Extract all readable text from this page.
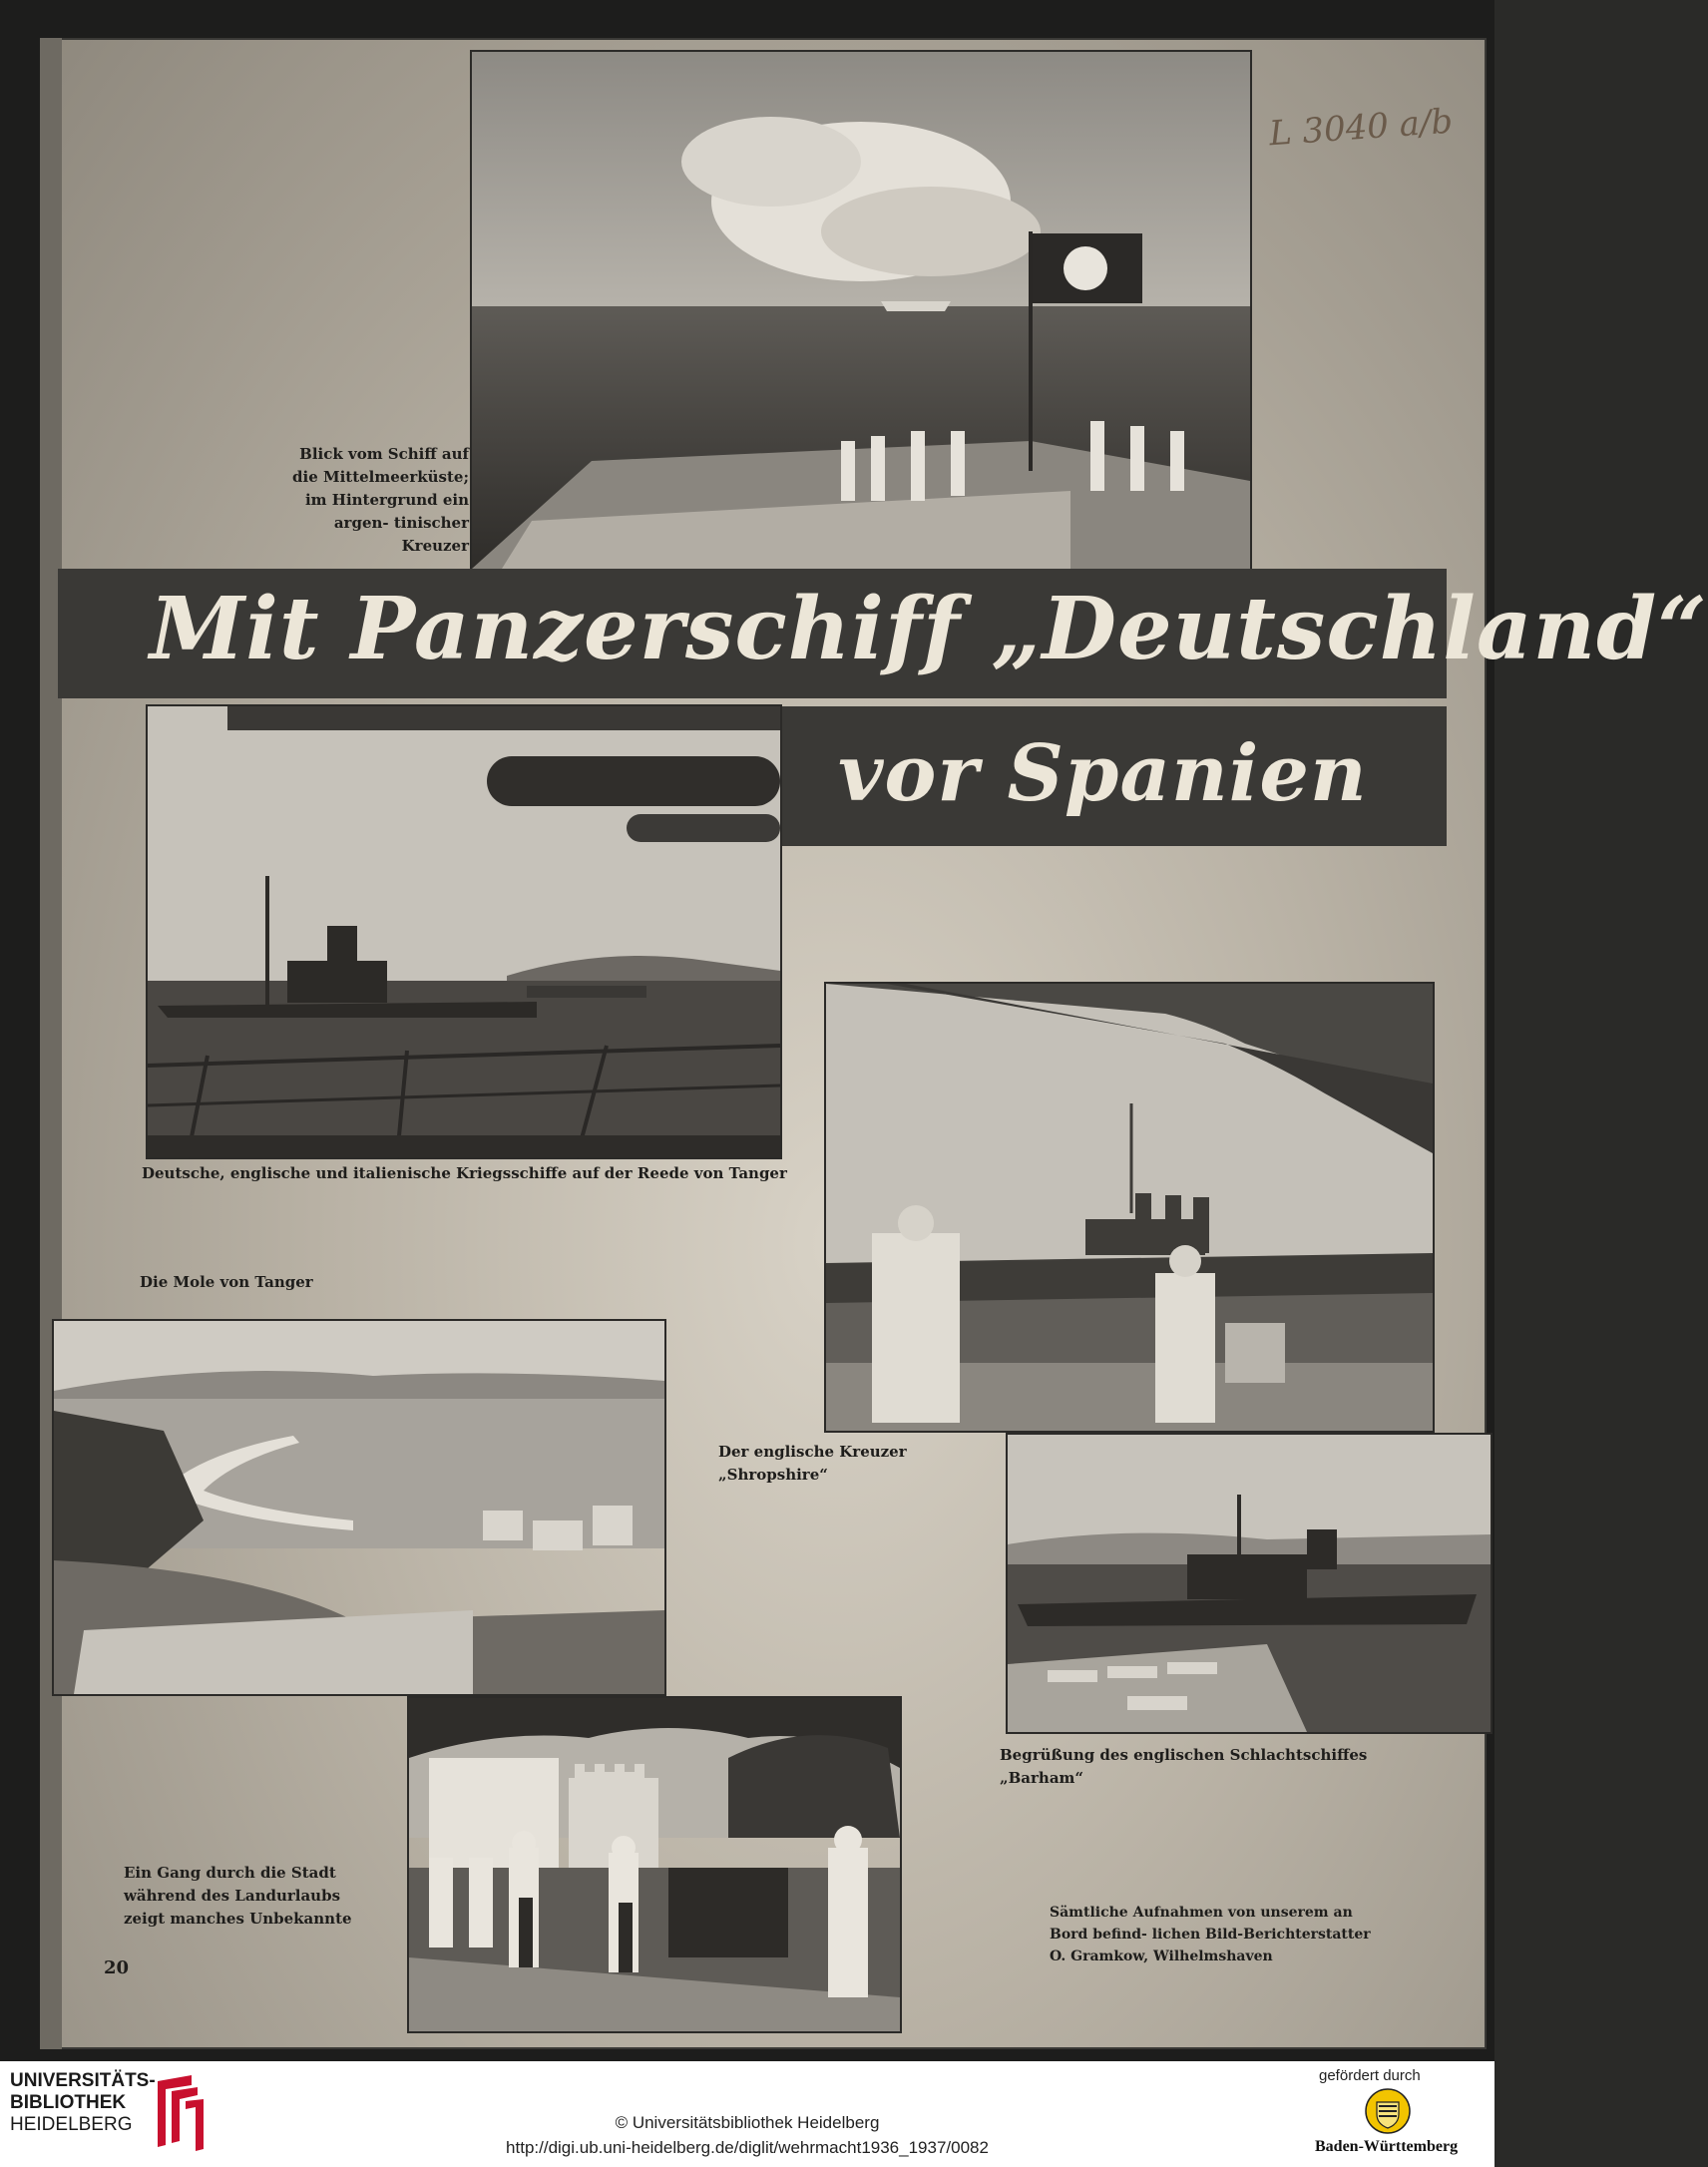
L 3040 a/b
Blick vom Schiff auf die Mittelmeerküste; im Hintergrund ein argen- tinischer Kreuzer
Mit Panzerschiff „Deutschland“
vor Spanien
Deutsche, englische und italienische Kriegsschiffe auf der Reede von Tanger
Der englische Kreuzer „Shropshire“
Die Mole von Tanger
Begrüßung des englischen Schlachtschiffes „Barham“
Ein Gang durch die Stadt während des Landurlaubs zeigt manches Unbekannte	Sämtliche Aufnahmen von unserem an Bord befind- lichen Bild-Berichterstatter O. Gramkow, Wilhelmshaven
20
UNIVERSITÄTS-
BIBLIOTHEK
HEIDELBERG	© Universitätsbibliothek Heidelberg
http://digi.ub.uni-heidelberg.de/diglit/wehrmacht1936_1937/0082
gefördert durch
Baden-Württemberg
